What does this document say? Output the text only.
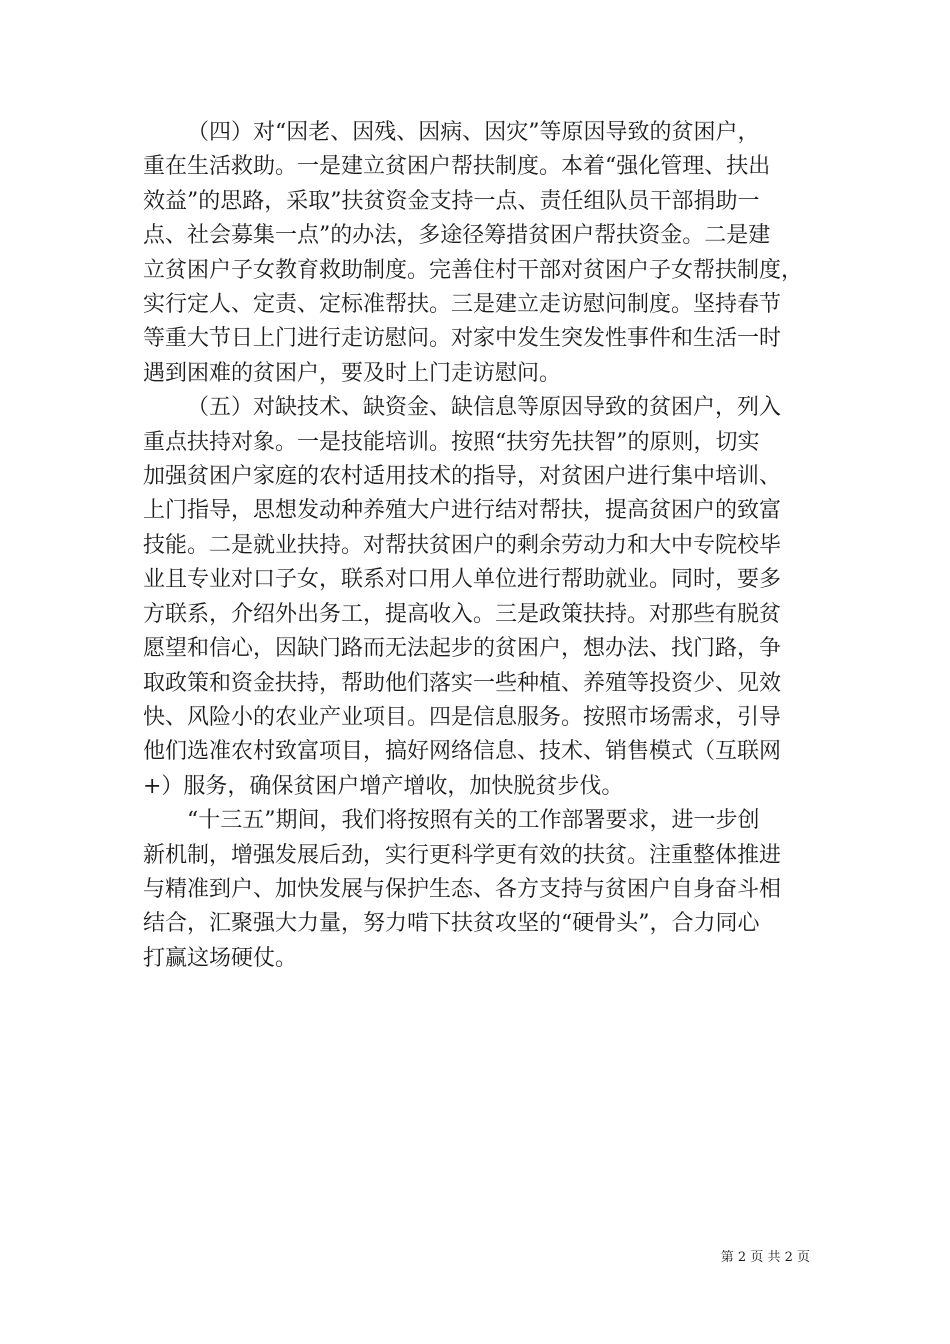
（四）对“因老、因残、因病、因灾”等原因导致的贫困户，
重在生活救助。一是建立贫困户帮扶制度。本着“强化管理、扶出
效益”的思路，采取”扶贫资金支持一点、责任组队员干部捐助一
点、社会募集一点”的办法，多途径筹措贫困户帮扶资金。二是建
立贫困户子女教育救助制度。完善住村干部对贫困户子女帮扶制度，
实行定人、定责、定标准帮扶。三是建立走访慰问制度。坚持春节
等重大节日上门进行走访慰问。对家中发生突发性事件和生活一时
遇到困难的贫困户，要及时上门走访慰问。
（五）对缺技术、缺资金、缺信息等原因导致的贫困户，列入
重点扶持对象。一是技能培训。按照“扶穷先扶智”的原则，切实
加强贫困户家庭的农村适用技术的指导，对贫困户进行集中培训、
上门指导，思想发动种养殖大户进行结对帮扶，提高贫困户的致富
技能。二是就业扶持。对帮扶贫困户的剩余劳动力和大中专院校毕
业且专业对口子女，联系对口用人单位进行帮助就业。同时，要多
方联系，介绍外出务工，提高收入。三是政策扶持。对那些有脱贫
愿望和信心，因缺门路而无法起步的贫困户，想办法、找门路，争
取政策和资金扶持，帮助他们落实一些种植、养殖等投资少、见效
快、风险小的农业产业项目。四是信息服务。按照市场需求，引导
他们选准农村致富项目，搞好网络信息、技术、销售模式（互联网
+）服务，确保贫困户增产增收，加快脱贫步伐。
“十三五”期间，我们将按照有关的工作部署要求，进一步创
新机制，增强发展后劲，实行更科学更有效的扶贫。注重整体推进
与精准到户、加快发展与保护生态、各方支持与贫困户自身奋斗相
结合，汇聚强大力量，努力啃下扶贫攻坚的“硬骨头”，合力同心
打赢这场硬仗。
第 2 页 共 2 页
